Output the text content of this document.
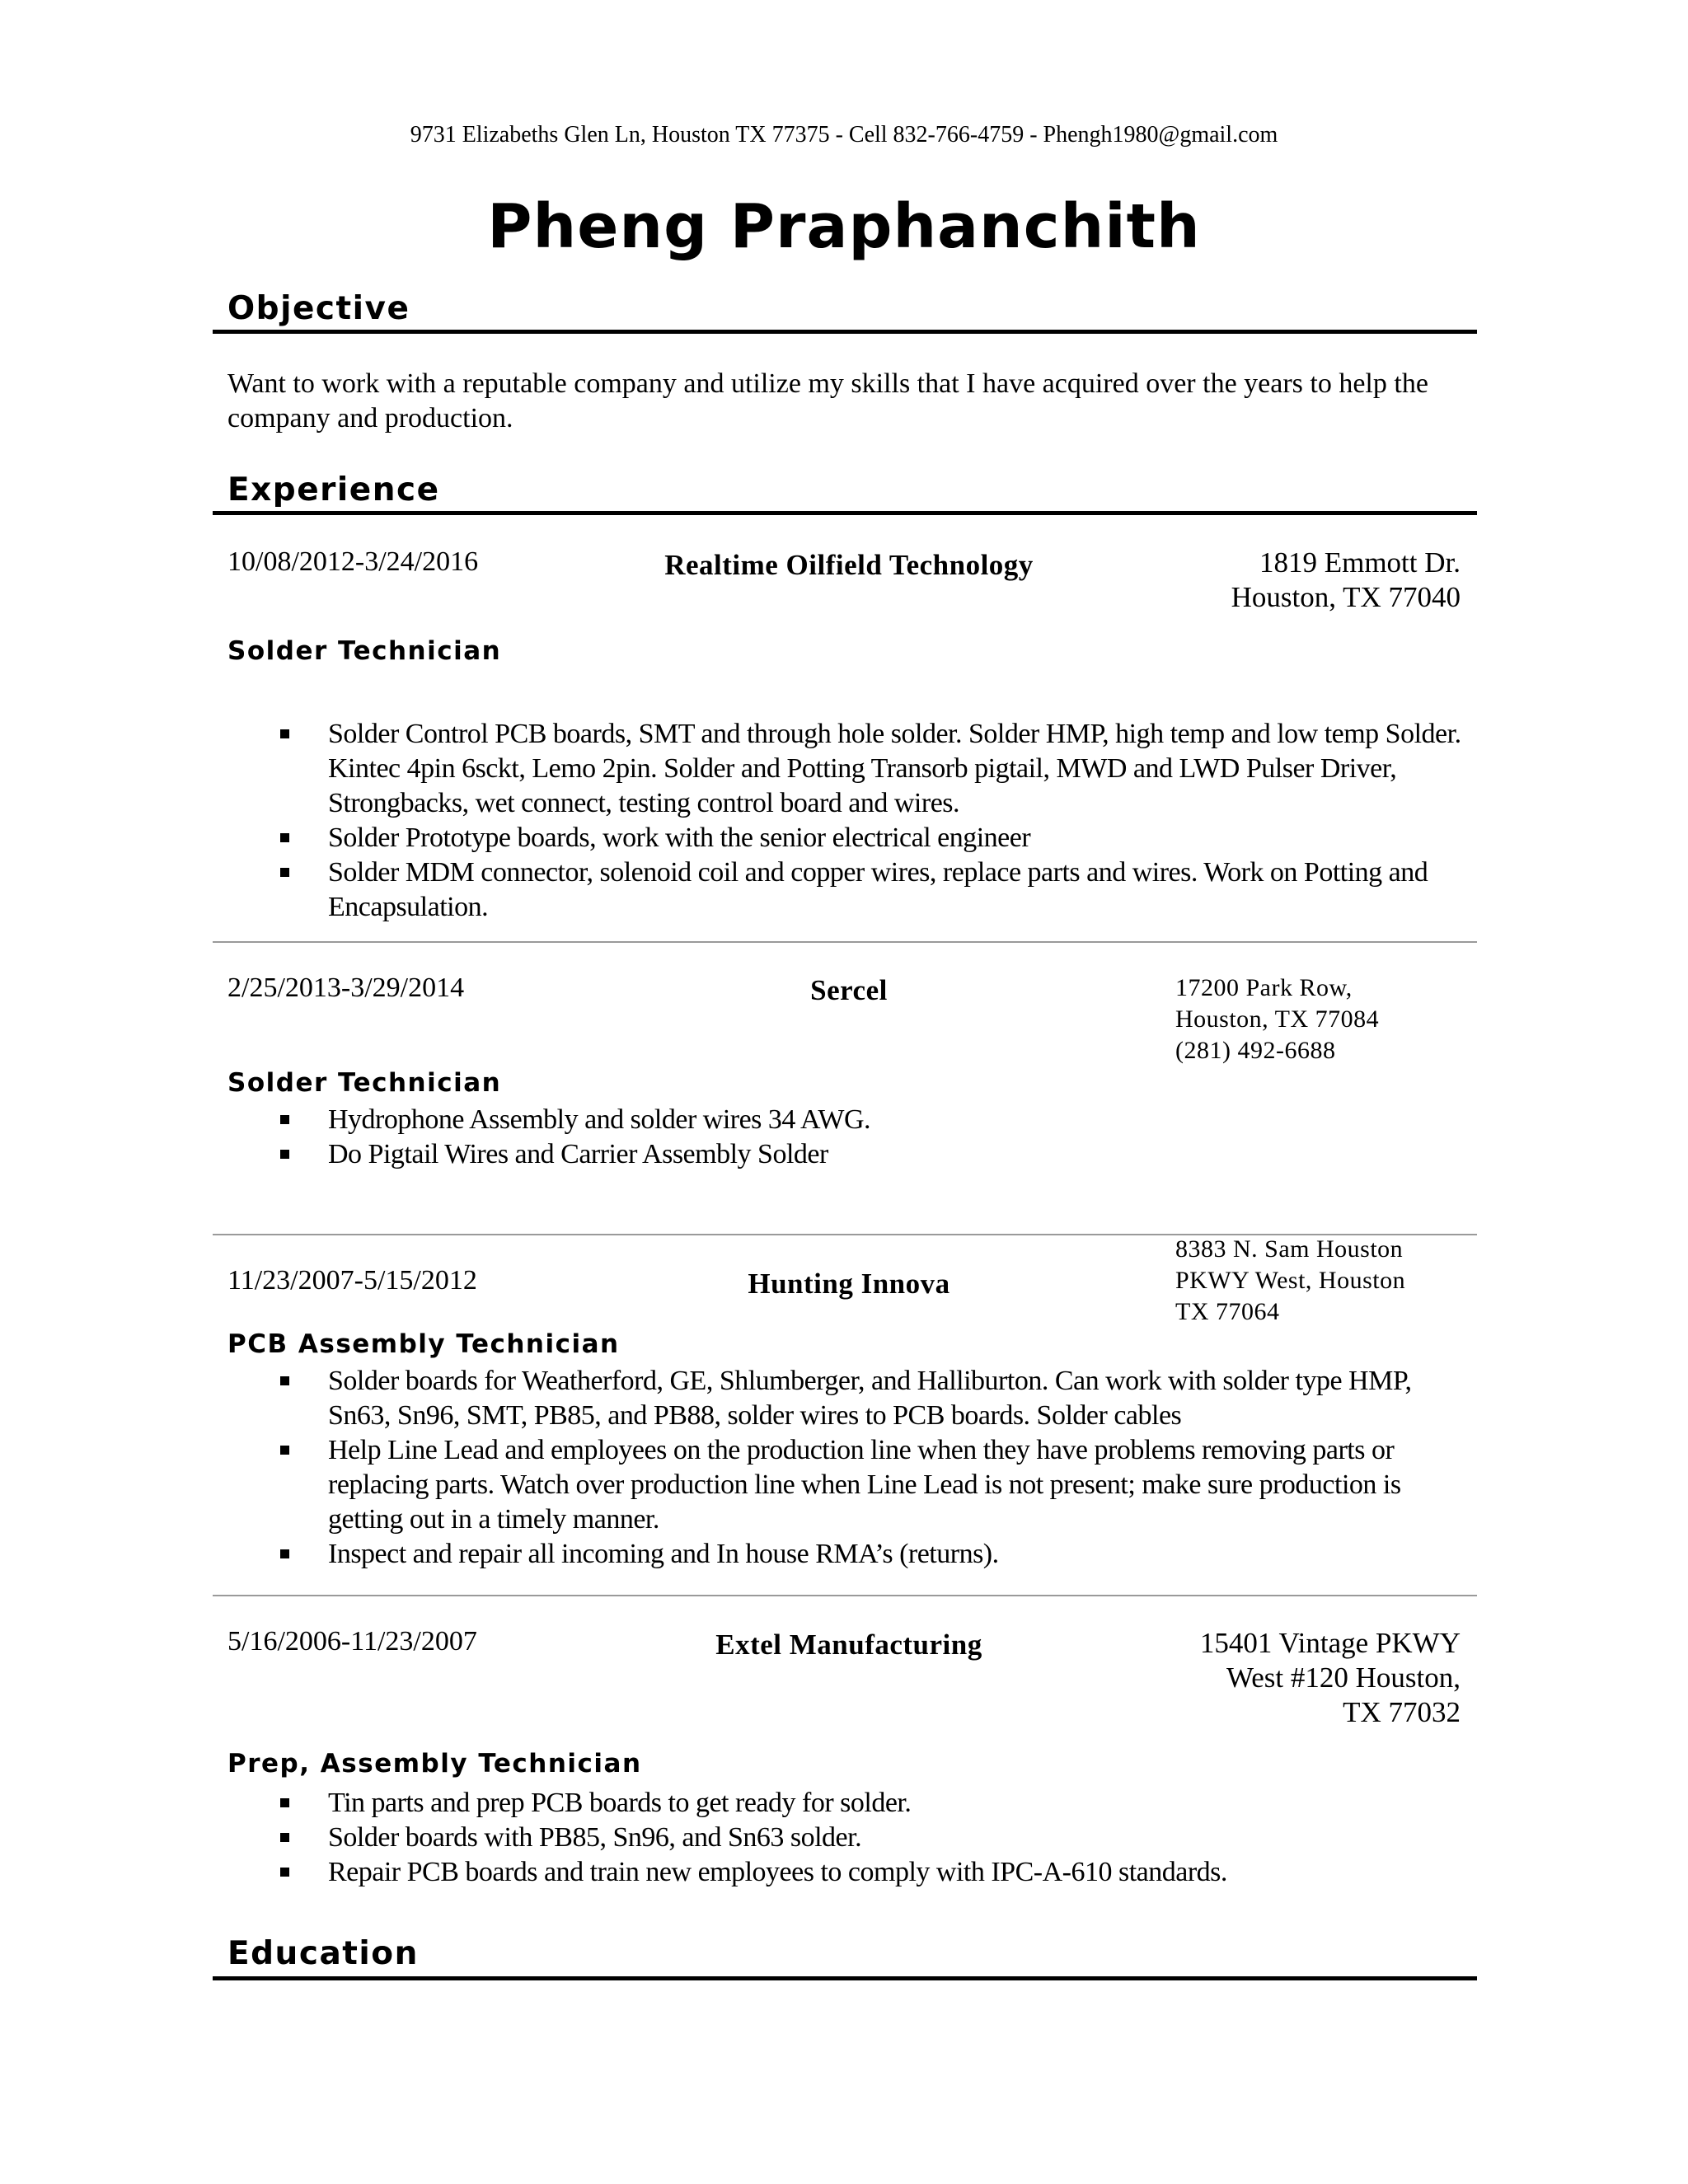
9731 Elizabeths Glen Ln, Houston TX 77375 - Cell 832-766-4759 - Phengh1980@gmail.com
Pheng Praphanchith
Objective
Want to work with a reputable company and utilize my skills that I have acquired over the years to help the company and production.
Experience
10/08/2012-3/24/2016	Realtime Oilfield Technology	1819 Emmott Dr.
Houston, TX 77040
Solder Technician
Solder Control PCB boards, SMT and through hole solder. Solder HMP, high temp and low temp Solder. Kintec 4pin 6sckt, Lemo 2pin. Solder and Potting Transorb pigtail, MWD and LWD Pulser Driver, Strongbacks, wet connect, testing control board and wires.
Solder Prototype boards, work with the senior electrical engineer
Solder MDM connector, solenoid coil and copper wires, replace parts and wires. Work on Potting and Encapsulation.
2/25/2013-3/29/2014	Sercel	17200 Park Row,
Houston, TX 77084
(281) 492-6688
Solder Technician
Hydrophone Assembly and solder wires 34 AWG.
Do Pigtail Wires and Carrier Assembly Solder
11/23/2007-5/15/2012	Hunting Innova
8383 N. Sam Houston
PKWY West, Houston
TX 77064
PCB Assembly Technician
Solder boards for Weatherford, GE, Shlumberger, and Halliburton. Can work with solder type HMP, Sn63, Sn96, SMT, PB85, and PB88, solder wires to PCB boards. Solder cables
Help Line Lead and employees on the production line when they have problems removing parts or replacing parts. Watch over production line when Line Lead is not present; make sure production is getting out in a timely manner.
Inspect and repair all incoming and In house RMA’s (returns).
5/16/2006-11/23/2007	Extel Manufacturing	15401 Vintage PKWY
West #120 Houston,
TX 77032
Prep, Assembly Technician
Tin parts and prep PCB boards to get ready for solder.
Solder boards with PB85, Sn96, and Sn63 solder.
Repair PCB boards and train new employees to comply with IPC-A-610 standards.
Education
